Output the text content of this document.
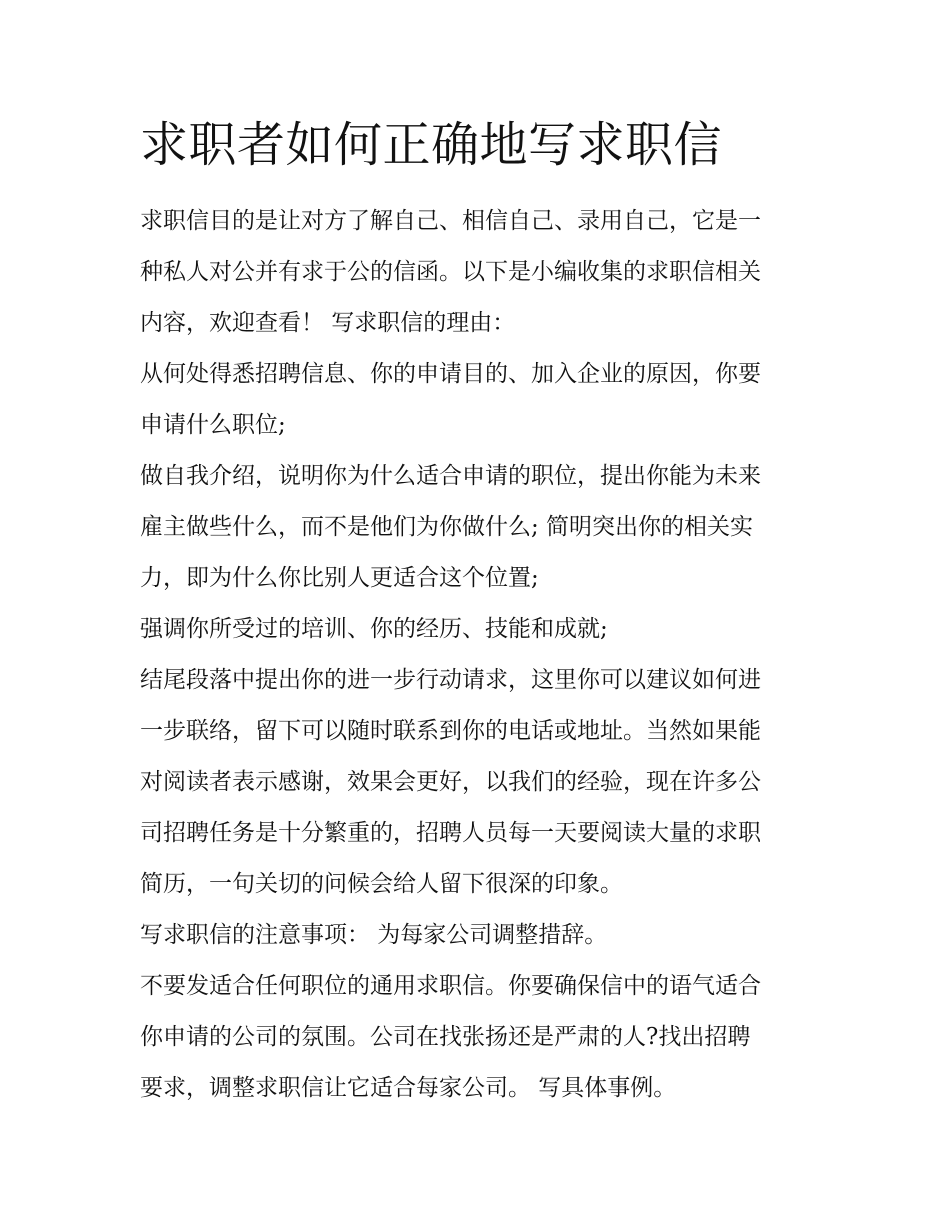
求职者如何正确地写求职信
求职信目的是让对方了解自己、相信自己、录用自己，它是一
种私人对公并有求于公的信函。以下是小编收集的求职信相关
内容，欢迎查看！ 写求职信的理由：
从何处得悉招聘信息、你的申请目的、加入企业的原因，你要
申请什么职位;
做自我介绍，说明你为什么适合申请的职位，提出你能为未来
雇主做些什么，而不是他们为你做什么; 简明突出你的相关实
力，即为什么你比别人更适合这个位置;
强调你所受过的培训、你的经历、技能和成就;
结尾段落中提出你的进一步行动请求，这里你可以建议如何进
一步联络，留下可以随时联系到你的电话或地址。当然如果能
对阅读者表示感谢，效果会更好，以我们的经验，现在许多公
司招聘任务是十分繁重的，招聘人员每一天要阅读大量的求职
简历，一句关切的问候会给人留下很深的印象。
写求职信的注意事项： 为每家公司调整措辞。
不要发适合任何职位的通用求职信。你要确保信中的语气适合
你申请的公司的氛围。公司在找张扬还是严肃的人?找出招聘
要求，调整求职信让它适合每家公司。 写具体事例。
